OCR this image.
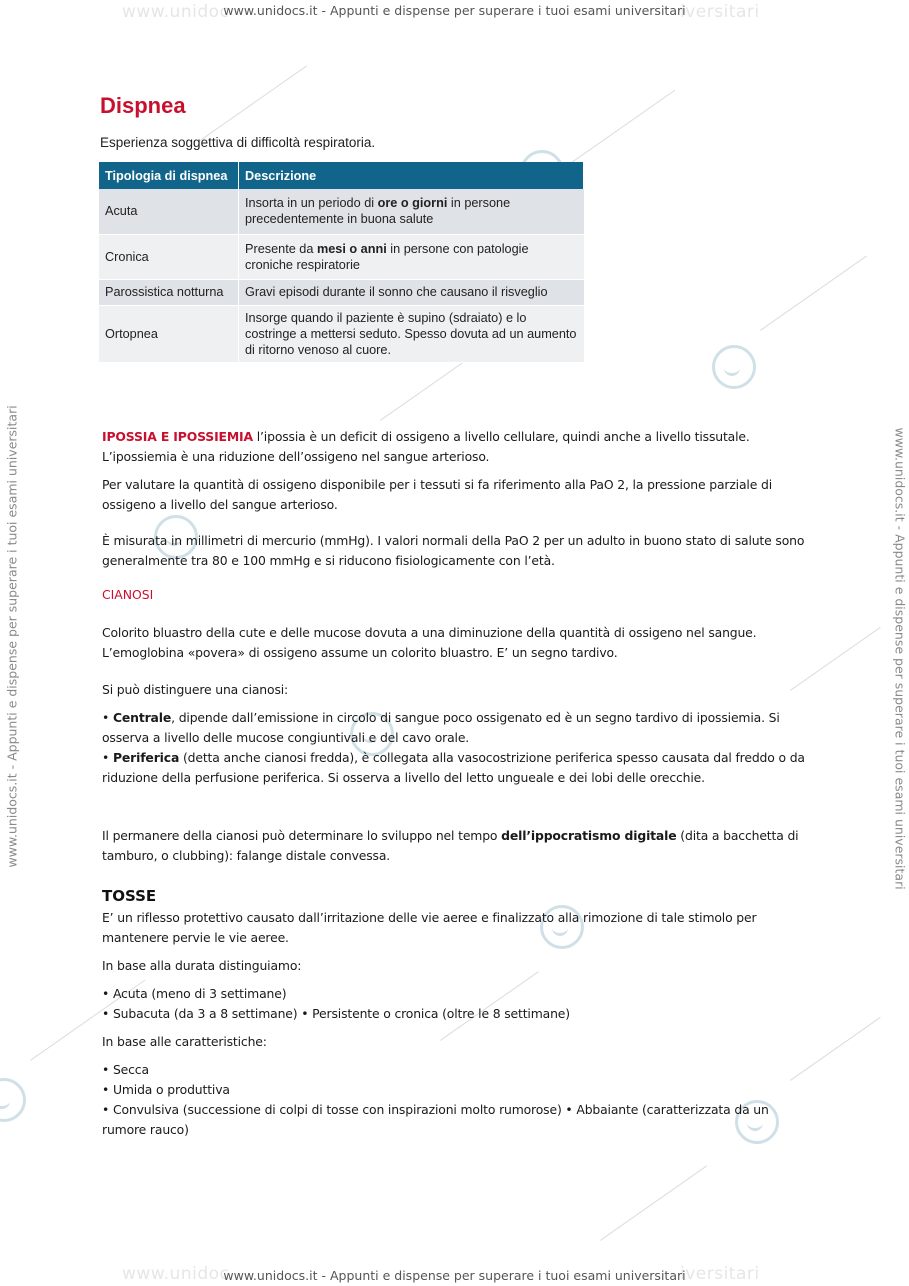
www.unidoc	iversitari
www.unidocs.it - Appunti e dispense per superare i tuoi esami universitari
www.unidoc	iversitari
www.unidocs.it - Appunti e dispense per superare i tuoi esami universitari
www.unidocs.it - Appunti e dispense per superare i tuoi esami universitari	www.unidocs.it - Appunti e dispense per superare i tuoi esami universitari
Dispnea
Esperienza soggettiva di difficoltà respiratoria.
Tipologia di dispnea	Descrizione
Acuta	Insorta in un periodo di ore o giorni in persone precedentemente in buona salute
Cronica	Presente da mesi o anni in persone con patologie croniche respiratorie
Parossistica notturna	Gravi episodi durante il sonno che causano il risveglio
Ortopnea	Insorge quando il paziente è supino (sdraiato) e lo costringe a mettersi seduto. Spesso dovuta ad un aumento di ritorno venoso al cuore.
IPOSSIA E IPOSSIEMIA l’ipossia è un deficit di ossigeno a livello cellulare, quindi anche a livello tissutale. L’ipossiemia è una riduzione dell’ossigeno nel sangue arterioso.
Per valutare la quantità di ossigeno disponibile per i tessuti si fa riferimento alla PaO 2, la pressione parziale di ossigeno a livello del sangue arterioso.
È misurata in millimetri di mercurio (mmHg). I valori normali della PaO 2 per un adulto in buono stato di salute sono generalmente tra 80 e 100 mmHg e si riducono fisiologicamente con l’età.
CIANOSI
Colorito bluastro della cute e delle mucose dovuta a una diminuzione della quantità di ossigeno nel sangue. L’emoglobina «povera» di ossigeno assume un colorito bluastro. E’ un segno tardivo.
Si può distinguere una cianosi:
• Centrale, dipende dall’emissione in circolo di sangue poco ossigenato ed è un segno tardivo di ipossiemia. Si osserva a livello delle mucose congiuntivali e del cavo orale.
• Periferica (detta anche cianosi fredda), è collegata alla vasocostrizione periferica spesso causata dal freddo o da riduzione della perfusione periferica. Si osserva a livello del letto ungueale e dei lobi delle orecchie.
Il permanere della cianosi può determinare lo sviluppo nel tempo dell’ippocratismo digitale (dita a bacchetta di tamburo, o clubbing): falange distale convessa.
TOSSE
E’ un riflesso protettivo causato dall’irritazione delle vie aeree e finalizzato alla rimozione di tale stimolo per mantenere pervie le vie aeree.
In base alla durata distinguiamo:
• Acuta (meno di 3 settimane)
• Subacuta (da 3 a 8 settimane) • Persistente o cronica (oltre le 8 settimane)
In base alle caratteristiche:
• Secca
• Umida o produttiva
• Convulsiva (successione di colpi di tosse con inspirazioni molto rumorose) • Abbaiante (caratterizzata da un rumore rauco)
